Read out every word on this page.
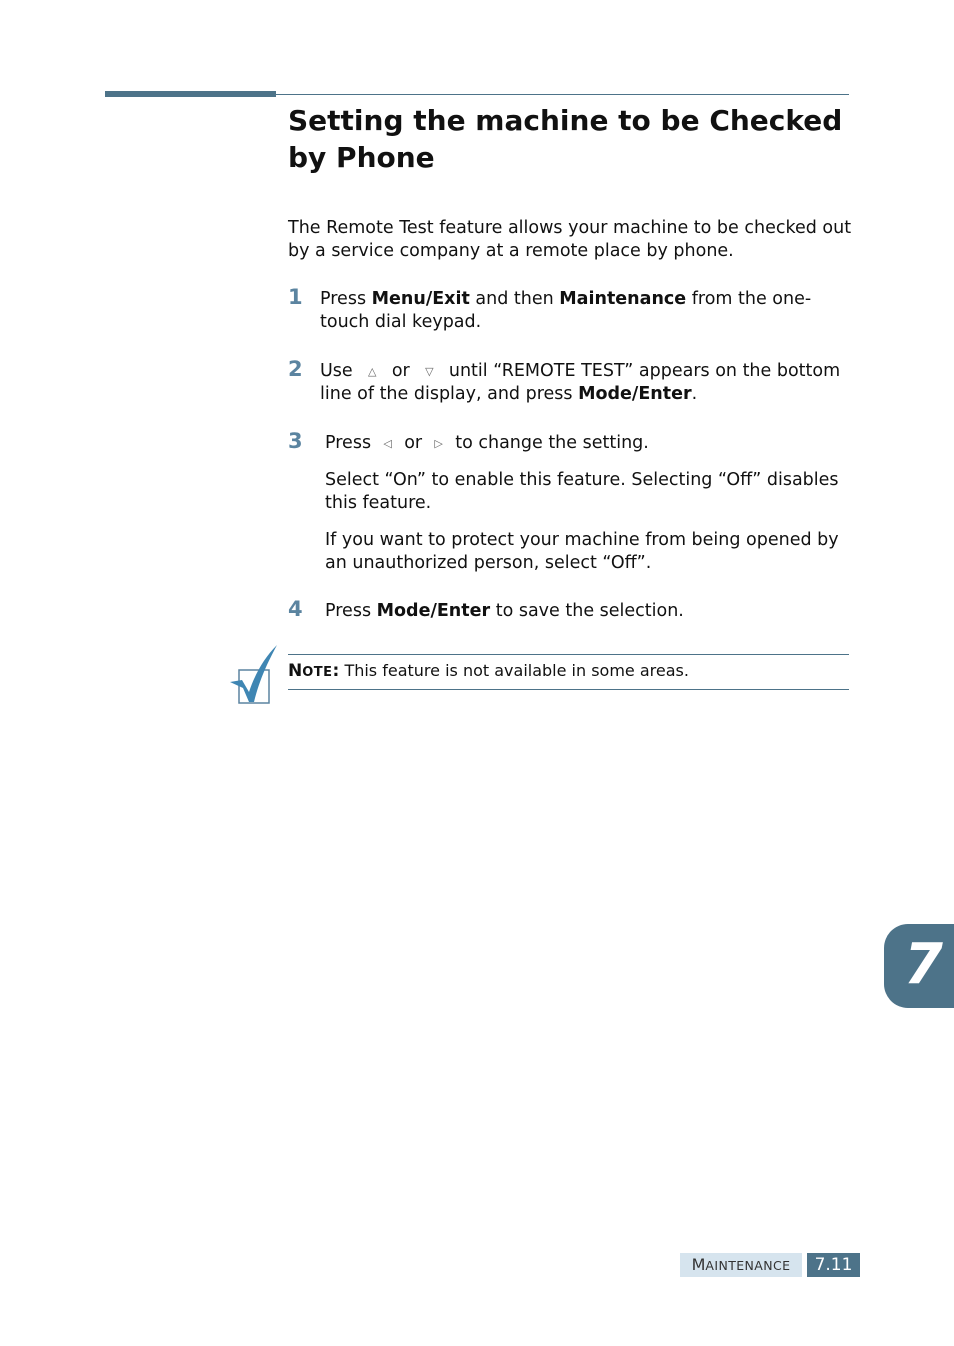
Setting the machine to be Checked by Phone

The Remote Test feature allows your machine to be checked out by a service company at a remote place by phone.

1 Press Menu/Exit and then Maintenance from the one-touch dial keypad.

2 Use △ or ▽ until “REMOTE TEST” appears on the bottom line of the display, and press Mode/Enter.

3 Press ◁ or ▷ to change the setting.

Select “On” to enable this feature. Selecting “Off” disables this feature.

If you want to protect your machine from being opened by an unauthorized person, select “Off”.

4 Press Mode/Enter to save the selection.

NOTE: This feature is not available in some areas.
7
MAINTENANCE	7.11
